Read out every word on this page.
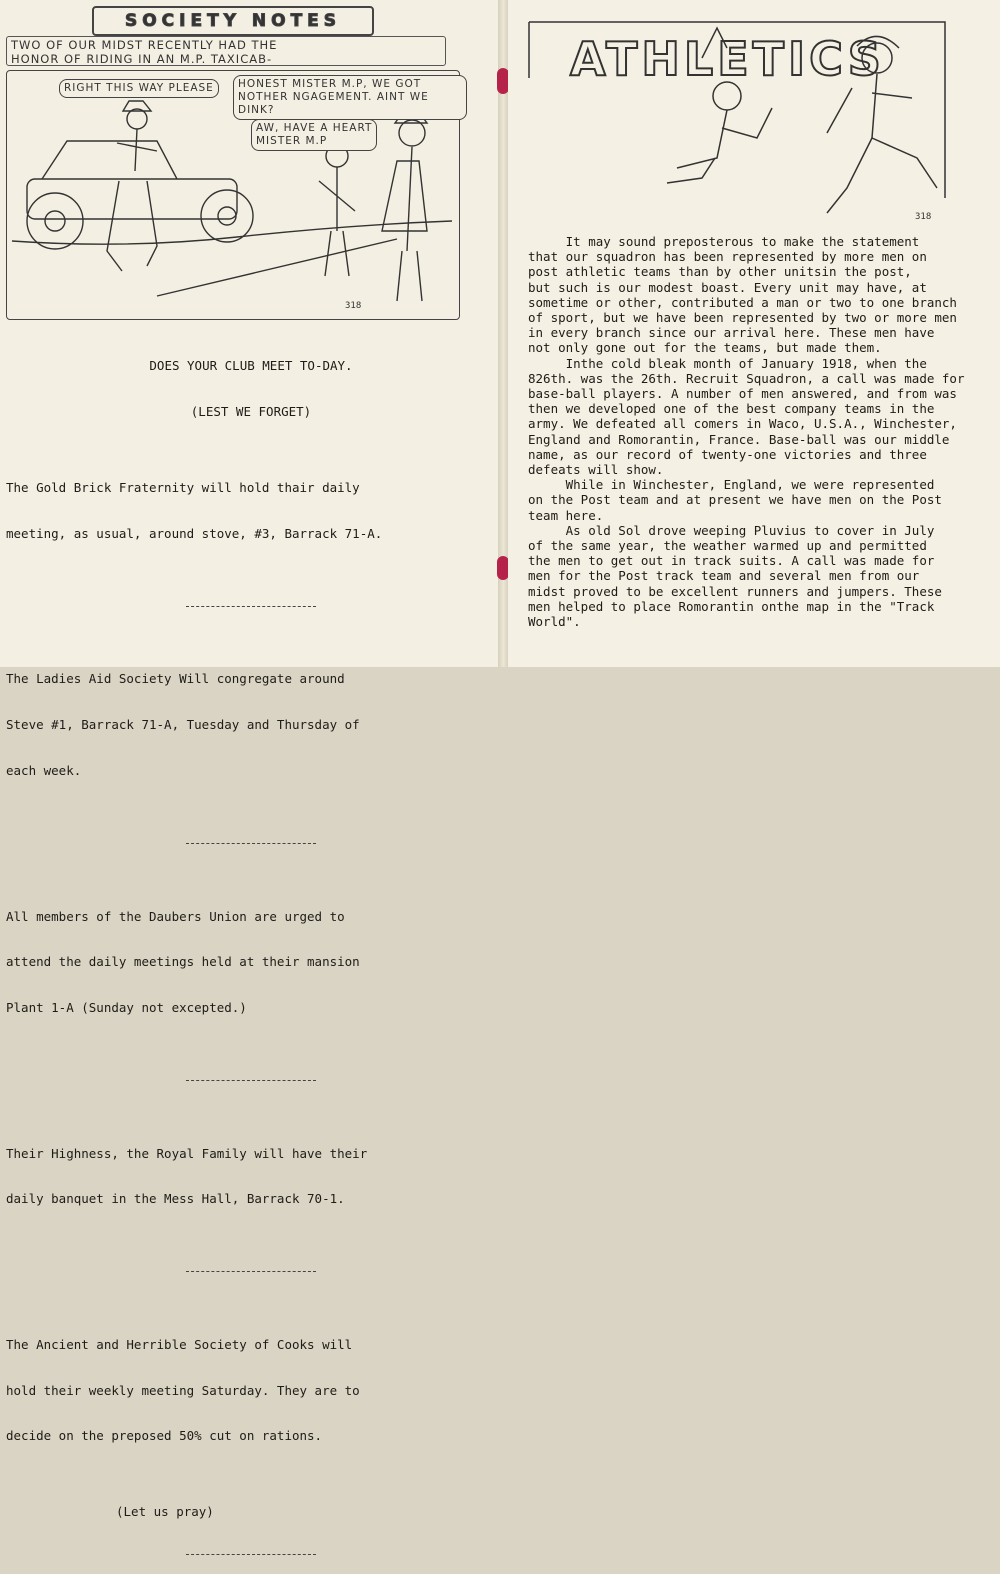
SOCIETY NOTES
TWO OF OUR MIDST RECENTLY HAD THE
HONOR OF RIDING IN AN M.P. TAXICAB-
RIGHT THIS WAY PLEASE	HONEST MISTER M.P, WE GOT
NOTHER NGAGEMENT. AINT WE DINK?
AW, HAVE A HEART
MISTER M.P
318

DOES YOUR CLUB MEET TO-DAY.

(LEST WE FORGET)

The Gold Brick Fraternity will hold thair daily

meeting, as usual, around stove, #3, Barrack 71-A.

The Ladies Aid Society Will congregate around

Steve #1, Barrack 71-A, Tuesday and Thursday of

each week.

All members of the Daubers Union are urged to

attend the daily meetings held at their mansion

Plant 1-A (Sunday not excepted.)

Their Highness, the Royal Family will have their

daily banquet in the Mess Hall, Barrack 70-1.

The Ancient and Herrible Society of Cooks will

hold their weekly meeting Saturday. They are to

decide on the preposed 50% cut on rations.

(Let us pray)

ATHLETICS
318
It may sound preposterous to make the statement
that our squadron has been represented by more men on
post athletic teams than by other unitsin the post,
but such is our modest boast. Every unit may have, at
sometime or other, contributed a man or two to one branch
of sport, but we have been represented by two or more men
in every branch since our arrival here. These men have
not only gone out for the teams, but made them.
Inthe cold bleak month of January 1918, when the
826th. was the 26th. Recruit Squadron, a call was made for
base-ball players. A number of men answered, and from was
then we developed one of the best company teams in the
army. We defeated all comers in Waco, U.S.A., Winchester,
England and Romorantin, France. Base-ball was our middle
name, as our record of twenty-one victories and three
defeats will show.
While in Winchester, England, we were represented
on the Post team and at present we have men on the Post
team here.
As old Sol drove weeping Pluvius to cover in July
of the same year, the weather warmed up and permitted
the men to get out in track suits. A call was made for
men for the Post track team and several men from our
midst proved to be excellent runners and jumpers. These
men helped to place Romorantin onthe map in the "Track
World".
